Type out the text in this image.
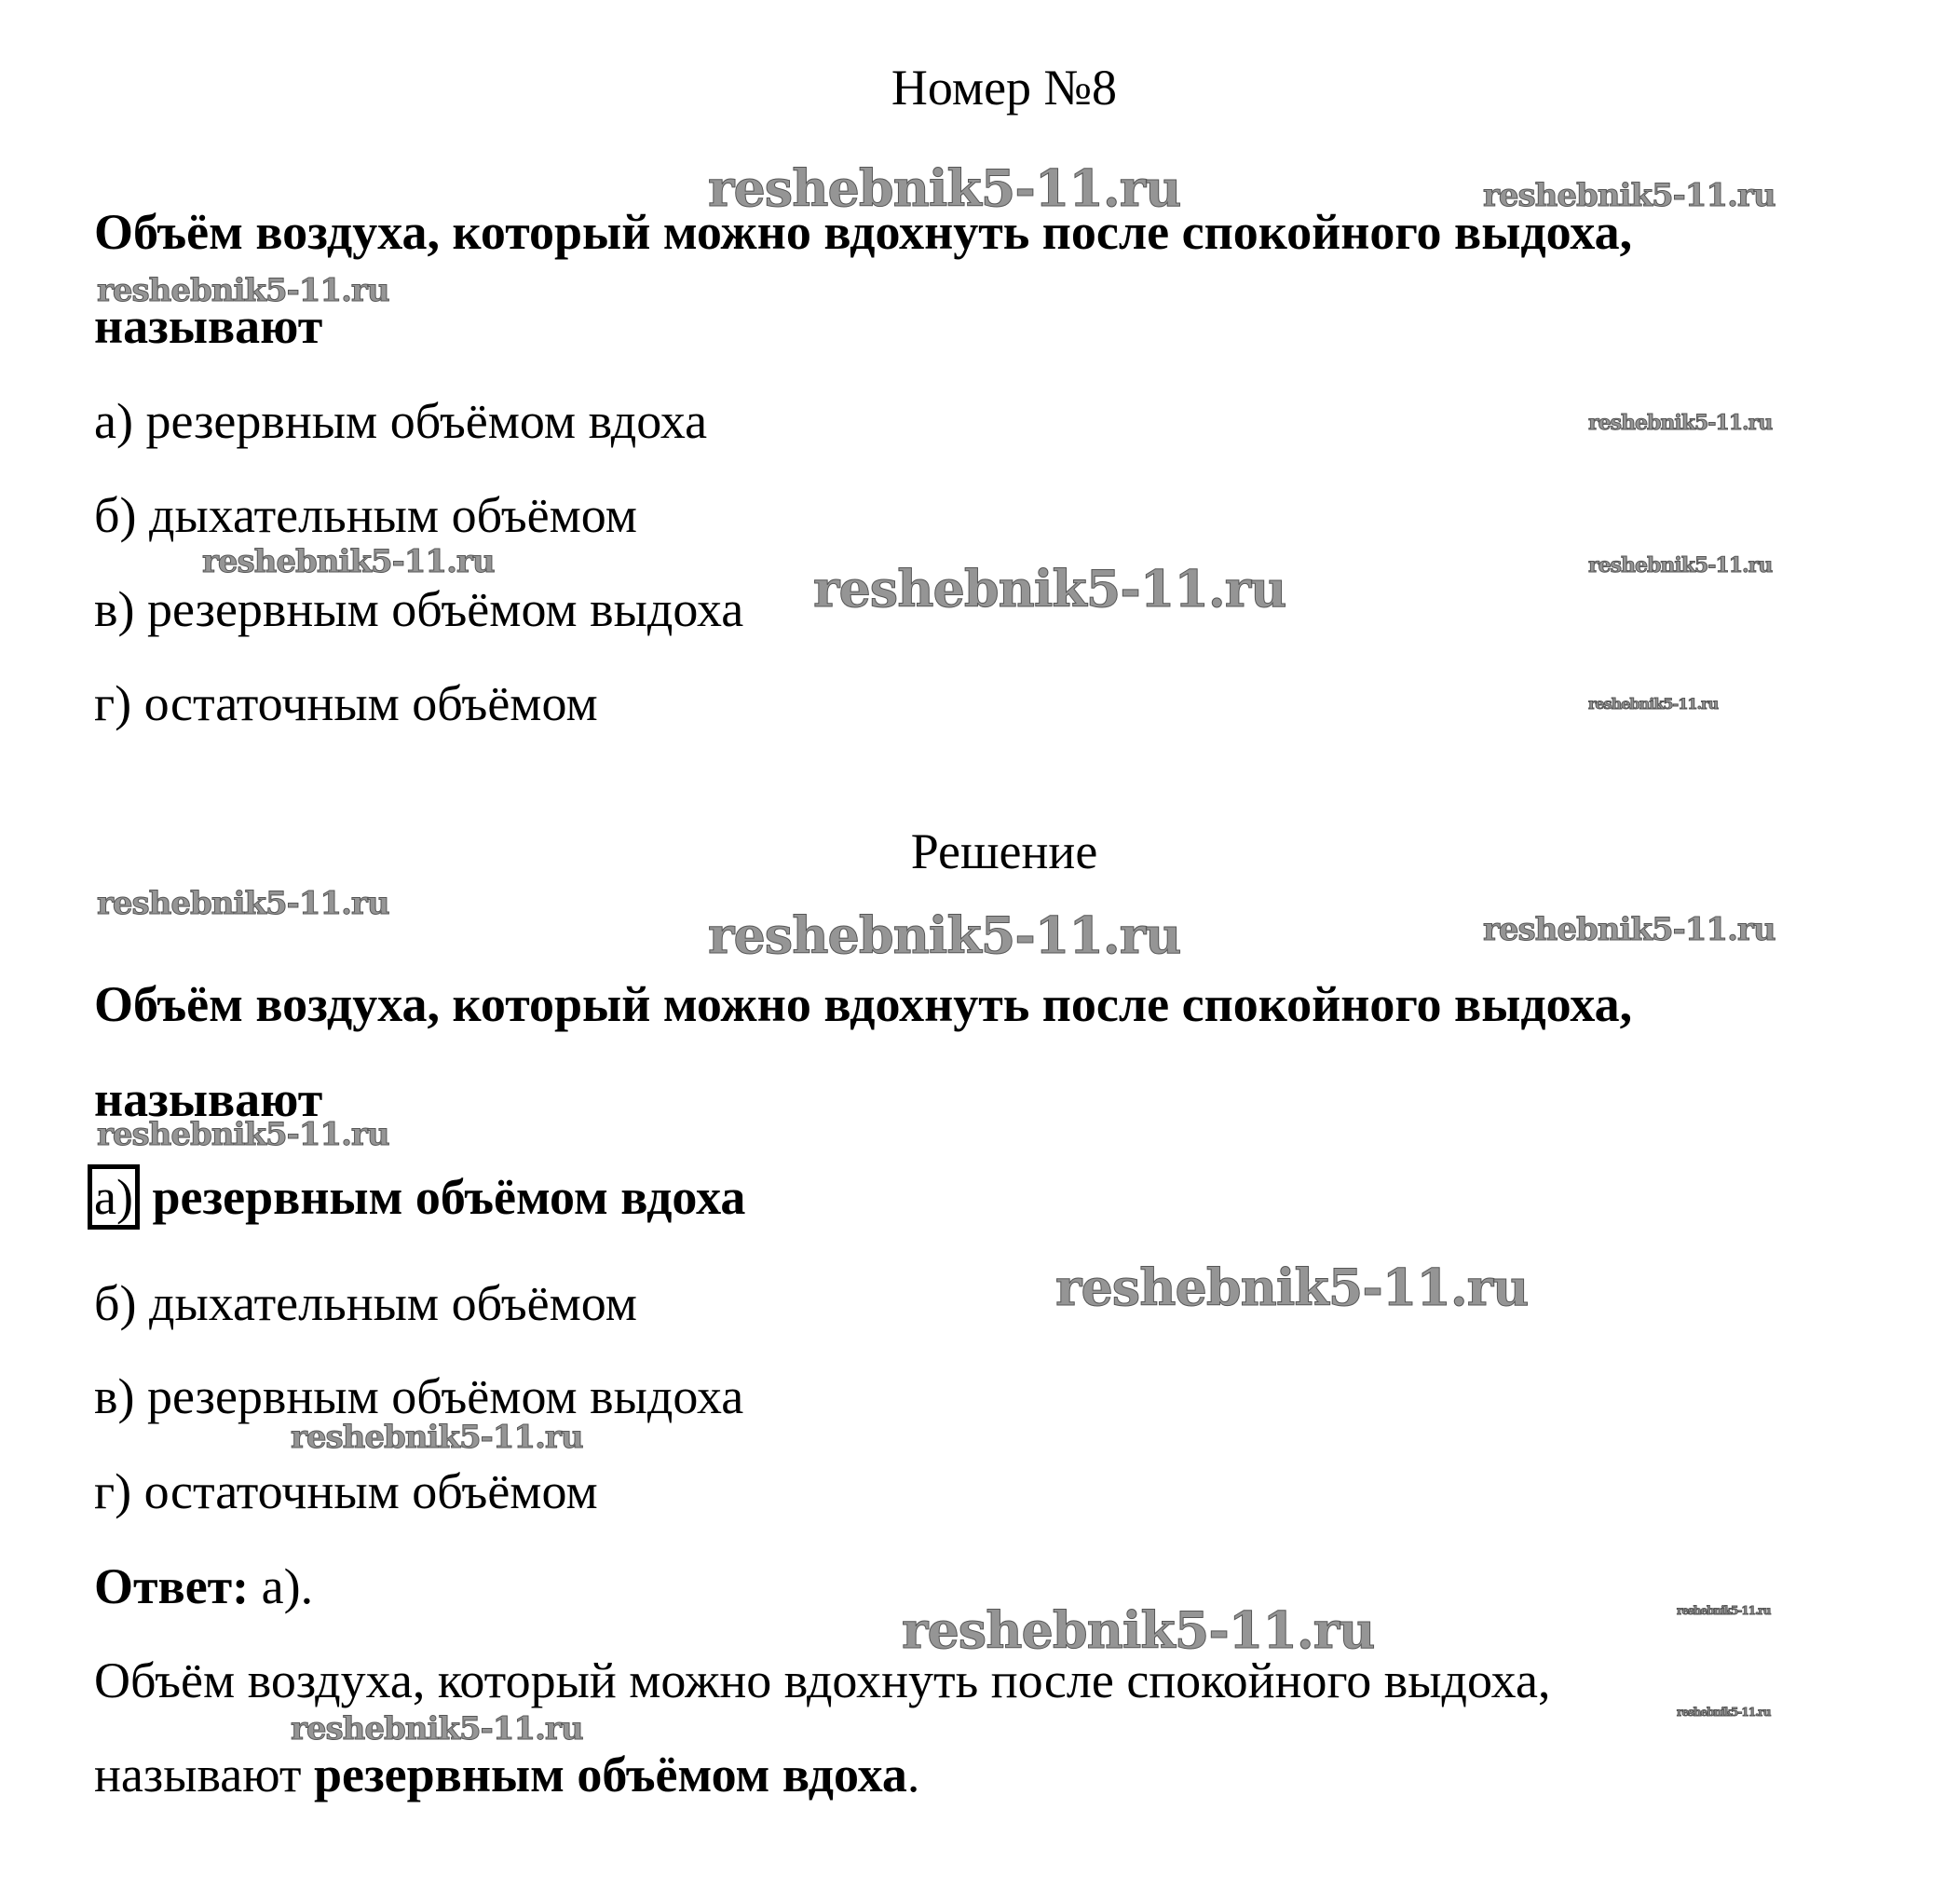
Номер №8
Объём воздуха, который можно вдохнуть после спокойного выдоха,
называют
а) резервным объёмом вдоха
б) дыхательным объёмом
в) резервным объёмом выдоха
г) остаточным объёмом
Решение
Объём воздуха, который можно вдохнуть после спокойного выдоха,
называют
а) резервным объёмом вдоха
б) дыхательным объёмом
в) резервным объёмом выдоха
г) остаточным объёмом
Ответ: а).
Объём воздуха, который можно вдохнуть после спокойного выдоха,
называют резервным объёмом вдоха.
reshebnik5-11.ru	reshebnik5-11.ru
reshebnik5-11.ru
reshebnik5-11.ru
reshebnik5-11.ru	reshebnik5-11.ru	reshebnik5-11.ru
reshebnik5-11.ru
reshebnik5-11.ru
reshebnik5-11.ru	reshebnik5-11.ru
reshebnik5-11.ru
reshebnik5-11.ru
reshebnik5-11.ru
reshebnik5-11.ru
reshebnik5-11.ru
reshebnik5-11.ru
reshebnik5-11.ru
